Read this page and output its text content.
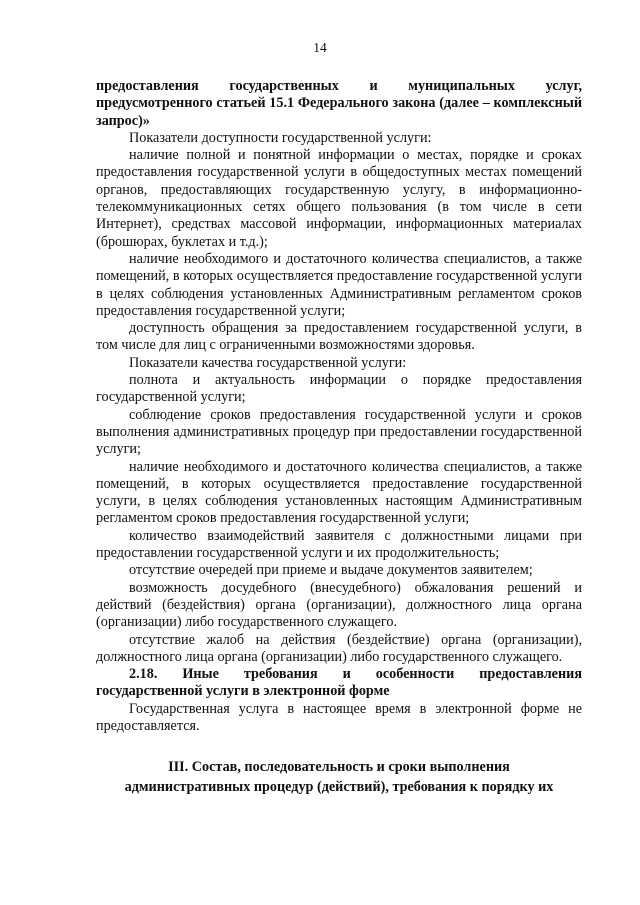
14

предоставления государственных и муниципальных услуг, предусмотренного статьей 15.1 Федерального закона (далее – комплексный запрос)»

Показатели доступности государственной услуги:

наличие полной и понятной информации о местах, порядке и сроках предоставления государственной услуги в общедоступных местах помещений органов, предоставляющих государственную услугу, в информационно-телекоммуникационных сетях общего пользования (в том числе в сети Интернет), средствах массовой информации, информационных материалах (брошюрах, буклетах и т.д.);

наличие необходимого и достаточного количества специалистов, а также помещений, в которых осуществляется предоставление государственной услуги в целях соблюдения установленных Административным регламентом сроков предоставления государственной услуги;

доступность обращения за предоставлением государственной услуги, в том числе для лиц с ограниченными возможностями здоровья.

Показатели качества государственной услуги:

полнота и актуальность информации о порядке предоставления государственной услуги;

соблюдение сроков предоставления государственной услуги и сроков выполнения административных процедур при предоставлении государственной услуги;

наличие необходимого и достаточного количества специалистов, а также помещений, в которых осуществляется предоставление государственной услуги, в целях соблюдения установленных настоящим Административным регламентом сроков предоставления государственной услуги;

количество взаимодействий заявителя с должностными лицами при предоставлении государственной услуги и их продолжительность;

отсутствие очередей при приеме и выдаче документов заявителем;

возможность досудебного (внесудебного) обжалования решений и действий (бездействия) органа (организации), должностного лица органа (организации) либо государственного служащего.

отсутствие жалоб на действия (бездействие) органа (организации), должностного лица органа (организации) либо государственного служащего.

2.18. Иные требования и особенности предоставления государственной услуги в электронной форме

Государственная услуга в настоящее время в электронной форме не предоставляется.

III. Состав, последовательность и сроки выполнения
административных процедур (действий), требования к порядку их
